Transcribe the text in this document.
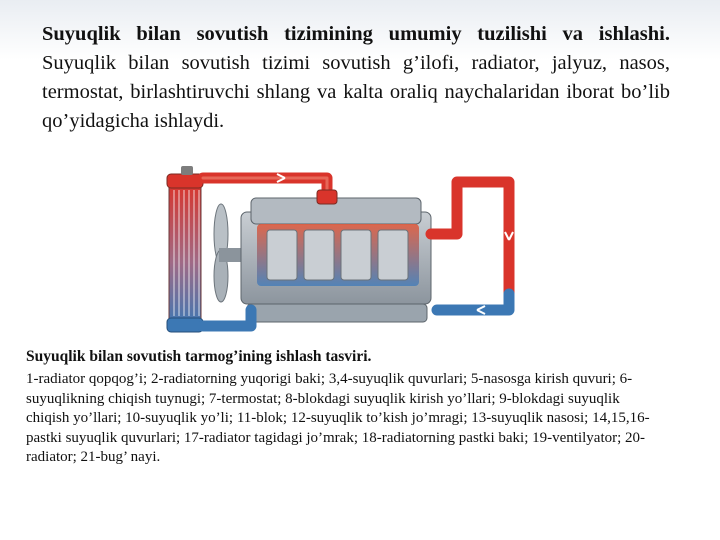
Suyuqlik bilan sovutish tizimining umumiy tuzilishi va ishlashi. Suyuqlik bilan sovutish tizimi sovutish g’ilofi, radiator, jalyuz, nasos, termostat, birlashtiruvchi shlang va kalta oraliq naychalaridan iborat bo’lib qo’yidagicha ishlaydi.

Suyuqlik bilan sovutish tarmog’ining ishlash tasviri.

1-radiator qopqog’i; 2-radiatorning yuqorigi baki; 3,4-suyuqlik quvurlari; 5-nasosga kirish quvuri; 6-suyuqlikning chiqish tuynugi; 7-termostat; 8-blokdagi suyuqlik kirish yo’llari; 9-blokdagi suyuqlik chiqish yo’llari; 10-suyuqlik yo’li; 11-blok; 12-suyuqlik to’kish jo’mragi; 13-suyuqlik nasosi; 14,15,16-pastki suyuqlik quvurlari; 17-radiator tagidagi jo’mrak; 18-radiatorning pastki baki; 19-ventilyator; 20-radiator; 21-bug’ nayi.
